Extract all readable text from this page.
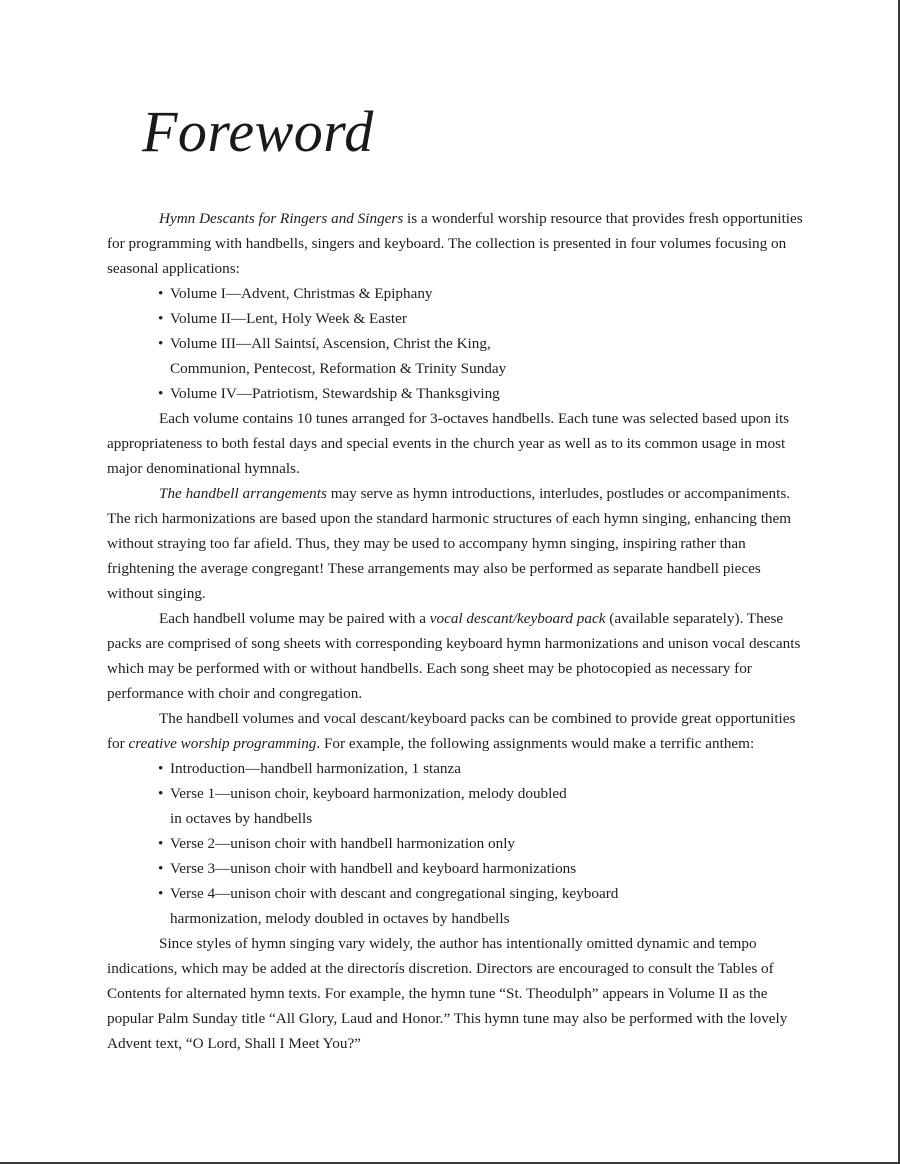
Foreword

Hymn Descants for Ringers and Singers is a wonderful worship resource that provides fresh opportunities for programming with handbells, singers and keyboard. The collection is presented in four volumes focusing on seasonal applications:

• Volume I—Advent, Christmas & Epiphany
• Volume II—Lent, Holy Week & Easter
• Volume III—All Saintsí, Ascension, Christ the King,
Communion, Pentecost, Reformation & Trinity Sunday
• Volume IV—Patriotism, Stewardship & Thanksgiving

Each volume contains 10 tunes arranged for 3-octaves handbells. Each tune was selected based upon its appropriateness to both festal days and special events in the church year as well as to its common usage in most major denominational hymnals.

The handbell arrangements may serve as hymn introductions, interludes, postludes or accompaniments. The rich harmonizations are based upon the standard harmonic structures of each hymn singing, enhancing them without straying too far afield. Thus, they may be used to accompany hymn singing, inspiring rather than frightening the average congregant! These arrangements may also be performed as separate handbell pieces without singing.

Each handbell volume may be paired with a vocal descant/keyboard pack (available separately). These packs are comprised of song sheets with corresponding keyboard hymn harmonizations and unison vocal descants which may be performed with or without handbells. Each song sheet may be photocopied as necessary for performance with choir and congregation.

The handbell volumes and vocal descant/keyboard packs can be combined to provide great opportunities for creative worship programming. For example, the following assignments would make a terrific anthem:

• Introduction—handbell harmonization, 1 stanza
• Verse 1—unison choir, keyboard harmonization, melody doubled
in octaves by handbells
• Verse 2—unison choir with handbell harmonization only
• Verse 3—unison choir with handbell and keyboard harmonizations
• Verse 4—unison choir with descant and congregational singing, keyboard
harmonization, melody doubled in octaves by handbells

Since styles of hymn singing vary widely, the author has intentionally omitted dynamic and tempo indications, which may be added at the directorís discretion. Directors are encouraged to consult the Tables of Contents for alternated hymn texts. For example, the hymn tune “St. Theodulph” appears in Volume II as the popular Palm Sunday title “All Glory, Laud and Honor.” This hymn tune may also be performed with the lovely Advent text, “O Lord, Shall I Meet You?”
